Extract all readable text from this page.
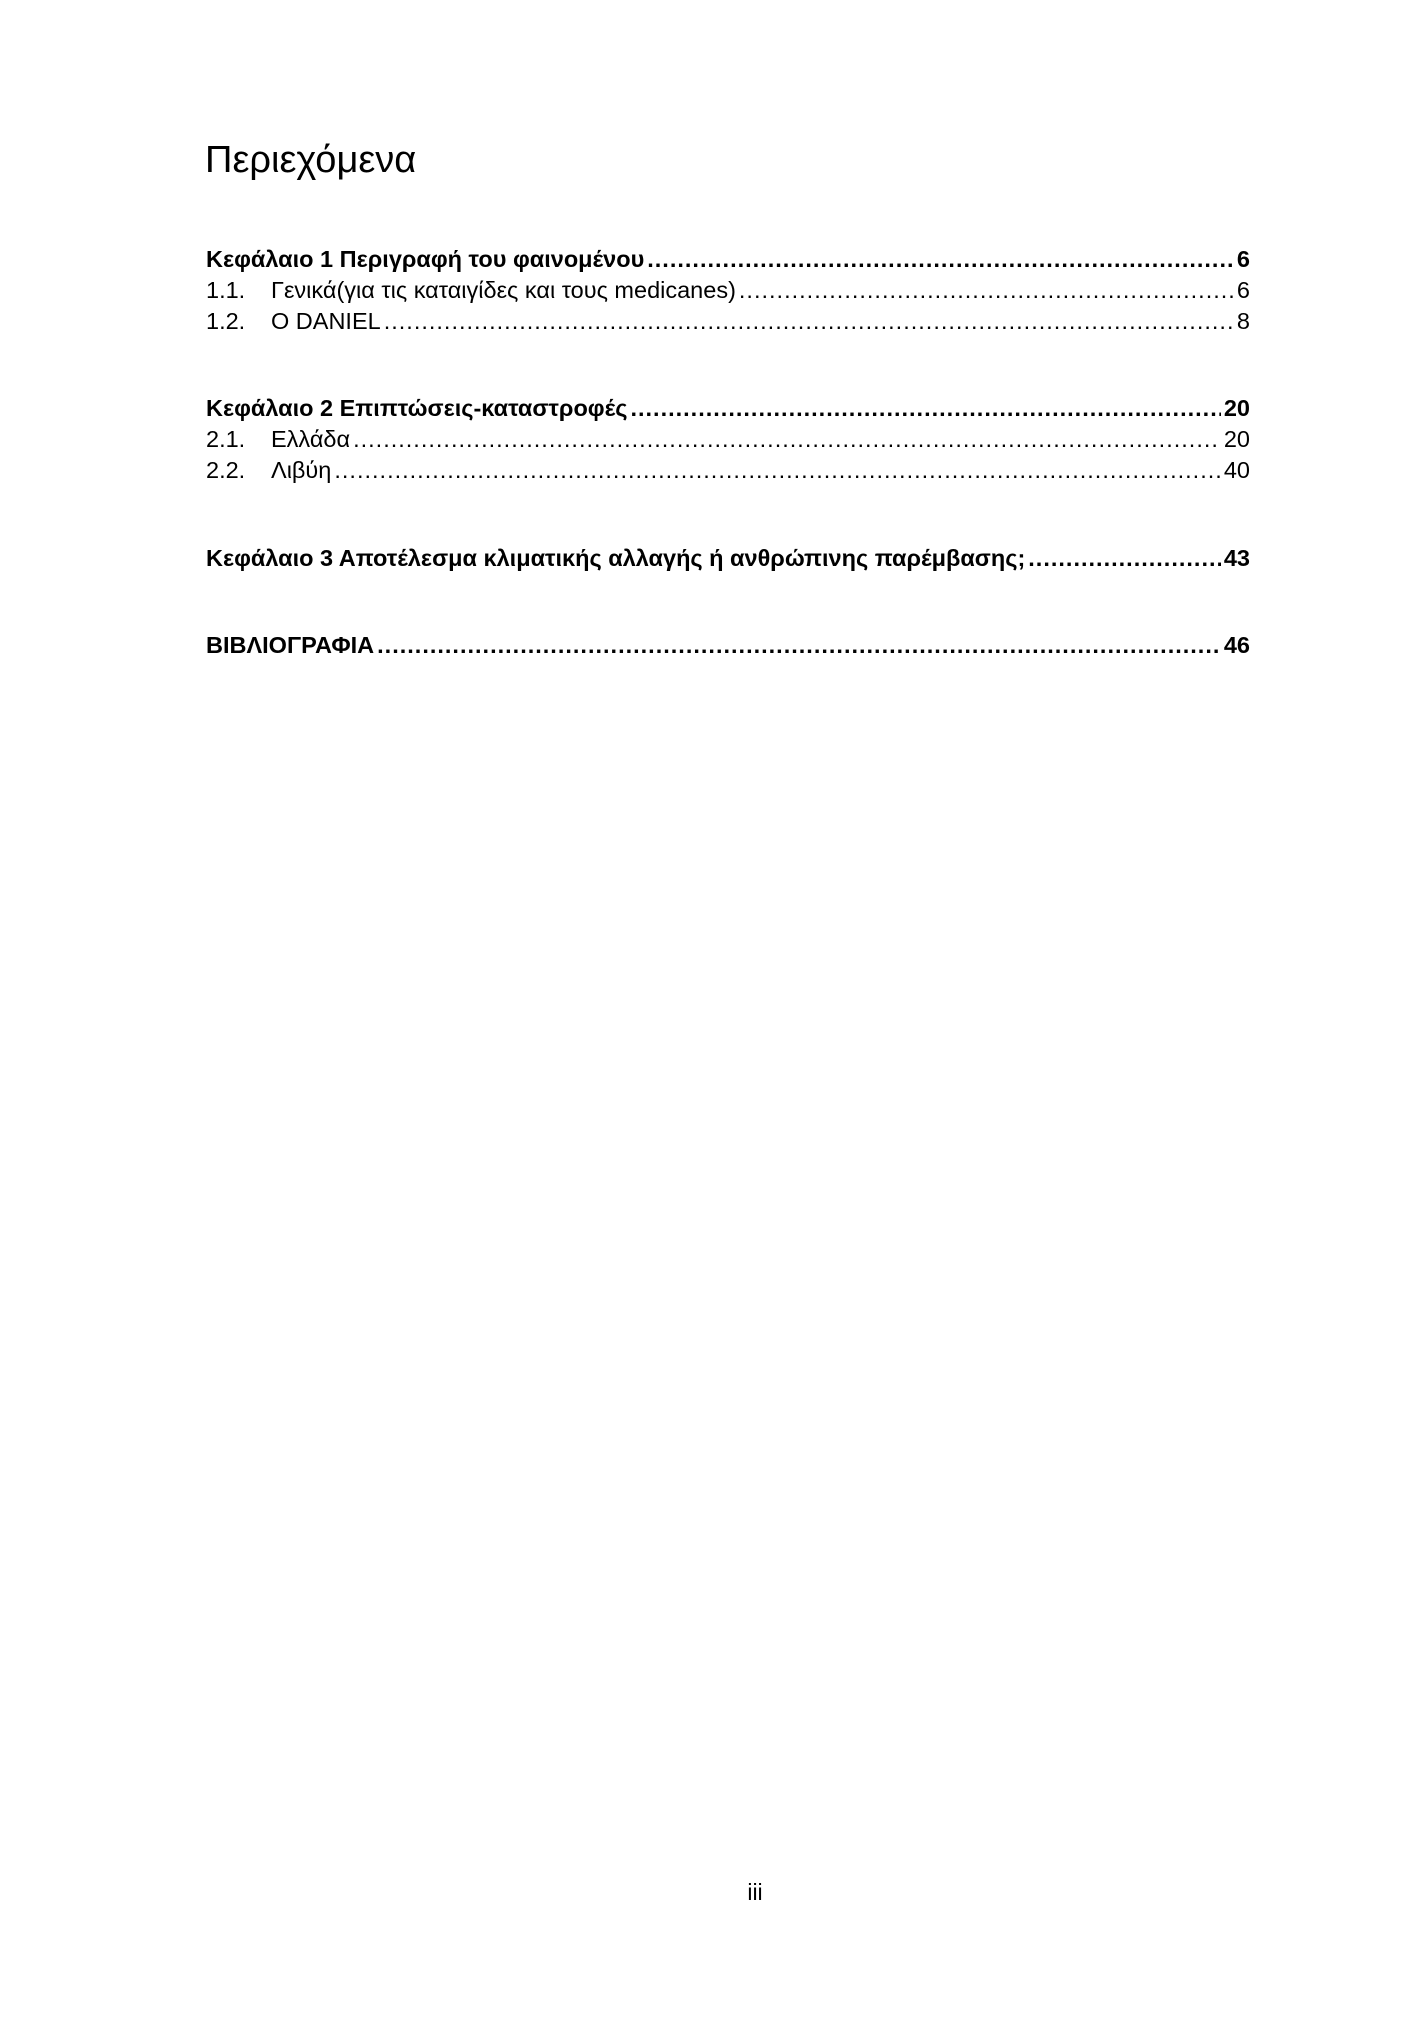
Περιεχόμενα
Κεφάλαιο 1 Περιγραφή του φαινομένου .....	6
1.1.	Γενικά(για τις καταιγίδες και τους medicanes) .....	6
1.2.	O DANIEL .....	8
Κεφάλαιο 2 Επιπτώσεις-καταστροφές .....	20
2.1.	Ελλάδα .....	20
2.2.	Λιβύη .....	40
Κεφάλαιο 3 Αποτέλεσμα κλιματικής αλλαγής ή ανθρώπινης παρέμβασης; .....	43
ΒΙΒΛΙΟΓΡΑΦΙΑ .....	46
iii
